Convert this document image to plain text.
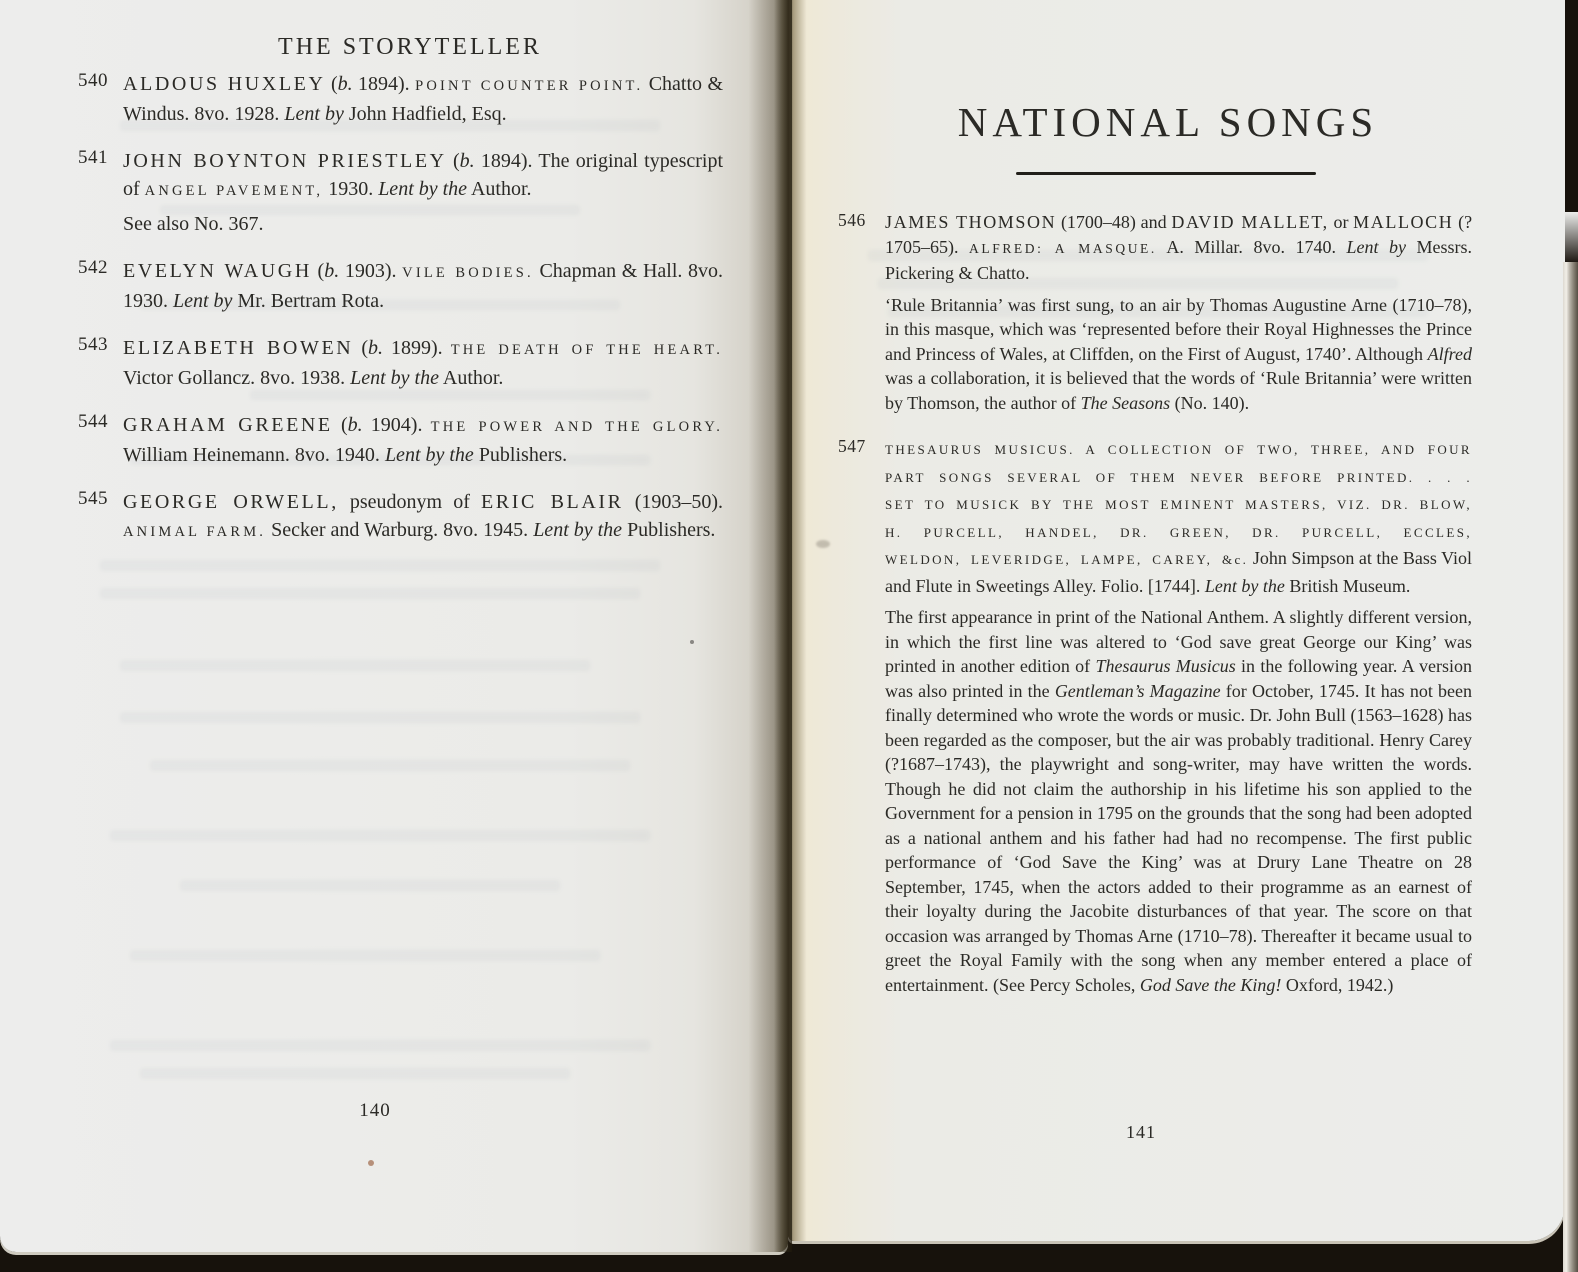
THE STORYTELLER
540 ALDOUS HUXLEY (b. 1894). POINT COUNTER POINT. Chatto & Windus. 8vo. 1928. Lent by John Hadfield, Esq.
541 JOHN BOYNTON PRIESTLEY (b. 1894). The original typescript of ANGEL PAVEMENT, 1930. Lent by the Author.
See also No. 367.
542 EVELYN WAUGH (b. 1903). VILE BODIES. Chapman & Hall. 8vo. 1930. Lent by Mr. Bertram Rota.
543 ELIZABETH BOWEN (b. 1899). THE DEATH OF THE HEART. Victor Gollancz. 8vo. 1938. Lent by the Author.
544 GRAHAM GREENE (b. 1904). THE POWER AND THE GLORY. William Heinemann. 8vo. 1940. Lent by the Publishers.
545 GEORGE ORWELL, pseudonym of ERIC BLAIR (1903–50). ANIMAL FARM. Secker and Warburg. 8vo. 1945. Lent by the Publishers.
140
NATIONAL SONGS
546	JAMES THOMSON (1700–48) and DAVID MALLET, or MALLOCH (?1705–65). ALFRED: A MASQUE. A. Millar. 8vo. 1740. Lent by Messrs. Pickering & Chatto.
‘Rule Britannia’ was first sung, to an air by Thomas Augustine Arne (1710–78), in this masque, which was ‘represented before their Royal Highnesses the Prince and Princess of Wales, at Cliffden, on the First of August, 1740’. Although Alfred was a collaboration, it is believed that the words of ‘Rule Britannia’ were written by Thomson, the author of The Seasons (No. 140).
547	THESAURUS MUSICUS. A COLLECTION OF TWO, THREE, AND FOUR PART SONGS SEVERAL OF THEM NEVER BEFORE PRINTED. . . . SET TO MUSICK BY THE MOST EMINENT MASTERS, VIZ. DR. BLOW, H. PURCELL, HANDEL, DR. GREEN, DR. PURCELL, ECCLES, WELDON, LEVERIDGE, LAMPE, CAREY, &c. John Simpson at the Bass Viol and Flute in Sweetings Alley. Folio. [1744]. Lent by the British Museum.
The first appearance in print of the National Anthem. A slightly different version, in which the first line was altered to ‘God save great George our King’ was printed in another edition of Thesaurus Musicus in the following year. A version was also printed in the Gentleman’s Magazine for October, 1745. It has not been finally determined who wrote the words or music. Dr. John Bull (1563–1628) has been regarded as the composer, but the air was probably traditional. Henry Carey (?1687–1743), the playwright and song-writer, may have written the words. Though he did not claim the authorship in his lifetime his son applied to the Government for a pension in 1795 on the grounds that the song had been adopted as a national anthem and his father had had no recompense. The first public performance of ‘God Save the King’ was at Drury Lane Theatre on 28 September, 1745, when the actors added to their programme as an earnest of their loyalty during the Jacobite disturbances of that year. The score on that occasion was arranged by Thomas Arne (1710–78). Thereafter it became usual to greet the Royal Family with the song when any member entered a place of entertainment. (See Percy Scholes, God Save the King! Oxford, 1942.)
141
